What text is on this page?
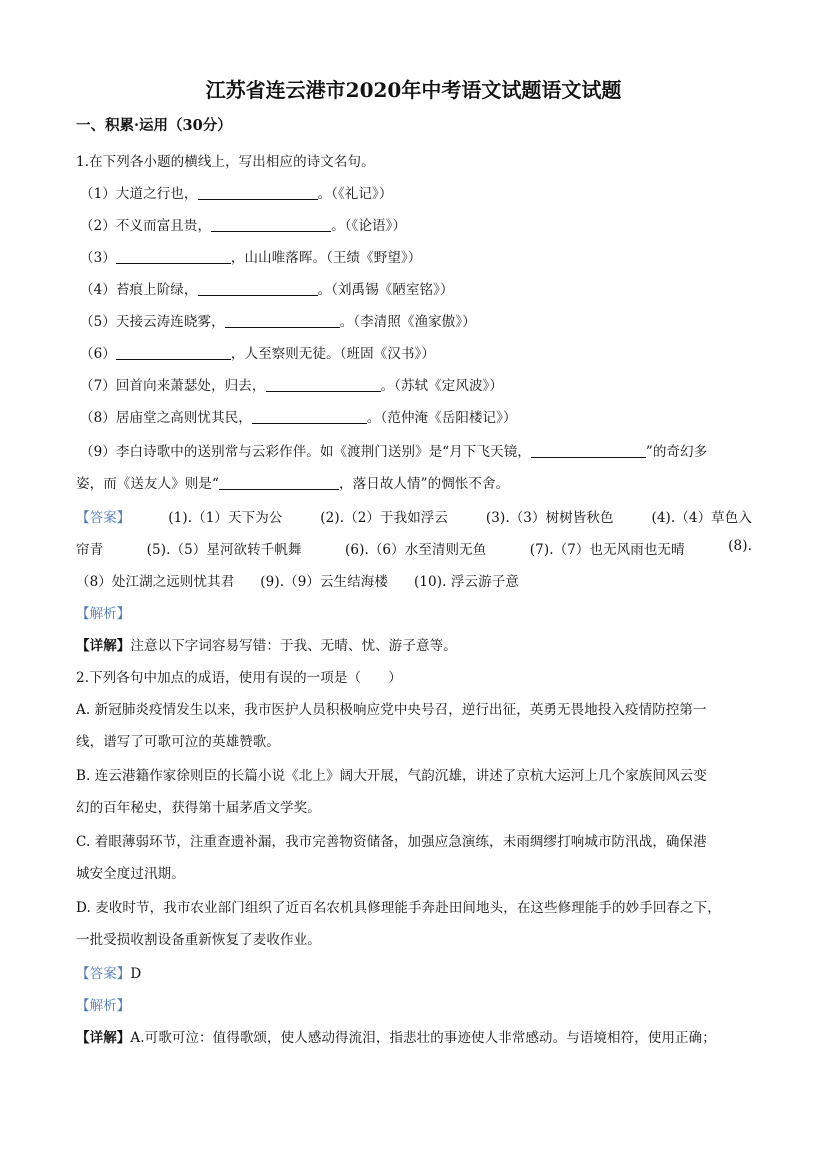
江苏省连云港市2020年中考语文试题语文试题
一、积累·运用（30分）
1.在下列各小题的横线上，写出相应的诗文名句。
（1）大道之行也，	。（《礼记》）
（2）不义而富且贵，	。（《论语》）
（3）	，山山唯落晖。（王绩《野望》）
（4）苔痕上阶绿，	。（刘禹锡《陋室铭》）
（5）天接云涛连晓雾，	。（李清照《渔家傲》）
（6）	，人至察则无徒。（班固《汉书》）
（7）回首向来萧瑟处，归去，	。（苏轼《定风波》）
（8）居庙堂之高则忧其民，	。（范仲淹《岳阳楼记》）
（9）李白诗歌中的送别常与云彩作伴。如《渡荆门送别》是“月下飞天镜，	”的奇幻多
姿，而《送友人》则是“	，落日故人情”的惆怅不舍。
【答案】	(1).（1）天下为公	(2).（2）于我如浮云	(3).（3）树树皆秋色	(4).（4）草色入
帘青	(5).（5）星河欲转千帆舞	(6).（6）水至清则无鱼	(7).（7）也无风雨也无晴	(8).
（8）处江湖之远则忧其君 (9).（9）云生结海楼 (10). 浮云游子意
【解析】
【详解】注意以下字词容易写错：于我、无晴、忧、游子意等。
2.下列各句中加点的成语，使用有误的一项是（　　）
A. 新冠肺炎疫情发生以来，我市医护人员积极响应党中央号召，逆行出征，英勇无畏地投入疫情防控第一
线，谱写了可歌可泣的英雄赞歌。
B. 连云港籍作家徐则臣的长篇小说《北上》阔大开展，气韵沉雄，讲述了京杭大运河上几个家族间风云变
幻的百年秘史，获得第十届茅盾文学奖。
C. 着眼薄弱环节，注重查遗补漏，我市完善物资储备，加强应急演练，未雨绸缪打响城市防汛战，确保港
城安全度过汛期。
D. 麦收时节，我市农业部门组织了近百名农机具修理能手奔赴田间地头，在这些修理能手的妙手回春之下，
一批受损收割设备重新恢复了麦收作业。
【答案】D
【解析】
【详解】A.可歌可泣：值得歌颂，使人感动得流泪，指悲壮的事迹使人非常感动。与语境相符，使用正确；
